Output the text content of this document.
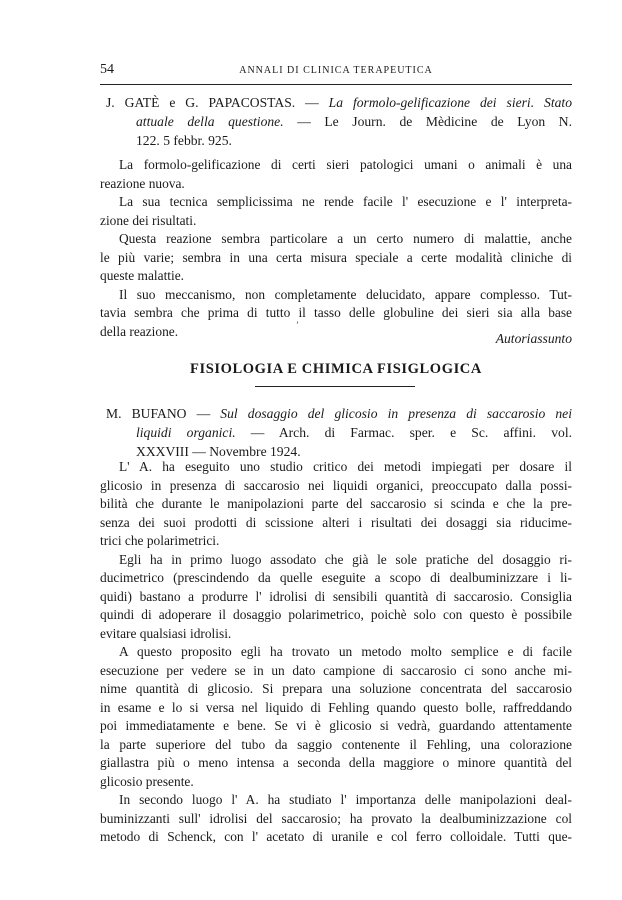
54	ANNALI DI CLINICA TERAPEUTICA
J. GATÈ e G. PAPACOSTAS. — La formolo-gelificazione dei sieri. Stato
attuale della questione. — Le Journ. de Mèdicine de Lyon N.
122. 5 febbr. 925.

La formolo-gelificazione di certi sieri patologici umani o animali è una
reazione nuova.

La sua tecnica semplicissima ne rende facile l' esecuzione e l' interpreta-
zione dei risultati.

Questa reazione sembra particolare a un certo numero di malattie, anche
le più varie; sembra in una certa misura speciale a certe modalità cliniche di
queste malattie.

Il suo meccanismo, non completamente delucidato, appare complesso. Tut-
tavia sembra che prima di tutto il tasso delle globuline dei sieri sia alla base
della reazione.	ʼ
Autoriassunto
FISIOLOGIA E CHIMICA FISIGLOGICA
M. BUFANO — Sul dosaggio del glicosio in presenza di saccarosio nei
liquidi organici. — Arch. di Farmac. sper. e Sc. affini. vol.
XXXVIII — Novembre 1924.

L' A. ha eseguito uno studio critico dei metodi impiegati per dosare il
glicosio in presenza di saccarosio nei liquidi organici, preoccupato dalla possi-
bilità che durante le manipolazioni parte del saccarosio si scinda e che la pre-
senza dei suoi prodotti di scissione alteri i risultati dei dosaggi sia riducime-
trici che polarimetrici.

Egli ha in primo luogo assodato che già le sole pratiche del dosaggio ri-
ducimetrico (prescindendo da quelle eseguite a scopo di dealbuminizzare i li-
quidi) bastano a produrre l' idrolisi di sensibili quantità di saccarosio. Consiglia
quindi di adoperare il dosaggio polarimetrico, poichè solo con questo è possibile
evitare qualsiasi idrolisi.

A questo proposito egli ha trovato un metodo molto semplice e di facile
esecuzione per vedere se in un dato campione di saccarosio ci sono anche mi-
nime quantità di glicosio. Si prepara una soluzione concentrata del saccarosio
in esame e lo si versa nel liquido di Fehling quando questo bolle, raffreddando
poi immediatamente e bene. Se vi è glicosio si vedrà, guardando attentamente
la parte superiore del tubo da saggio contenente il Fehling, una colorazione
giallastra più o meno intensa a seconda della maggiore o minore quantità del
glicosio presente.

In secondo luogo l' A. ha studiato l' importanza delle manipolazioni deal-
buminizzanti sull' idrolisi del saccarosio; ha provato la dealbuminizzazione col
metodo di Schenck, con l' acetato di uranile e col ferro colloidale. Tutti que-
